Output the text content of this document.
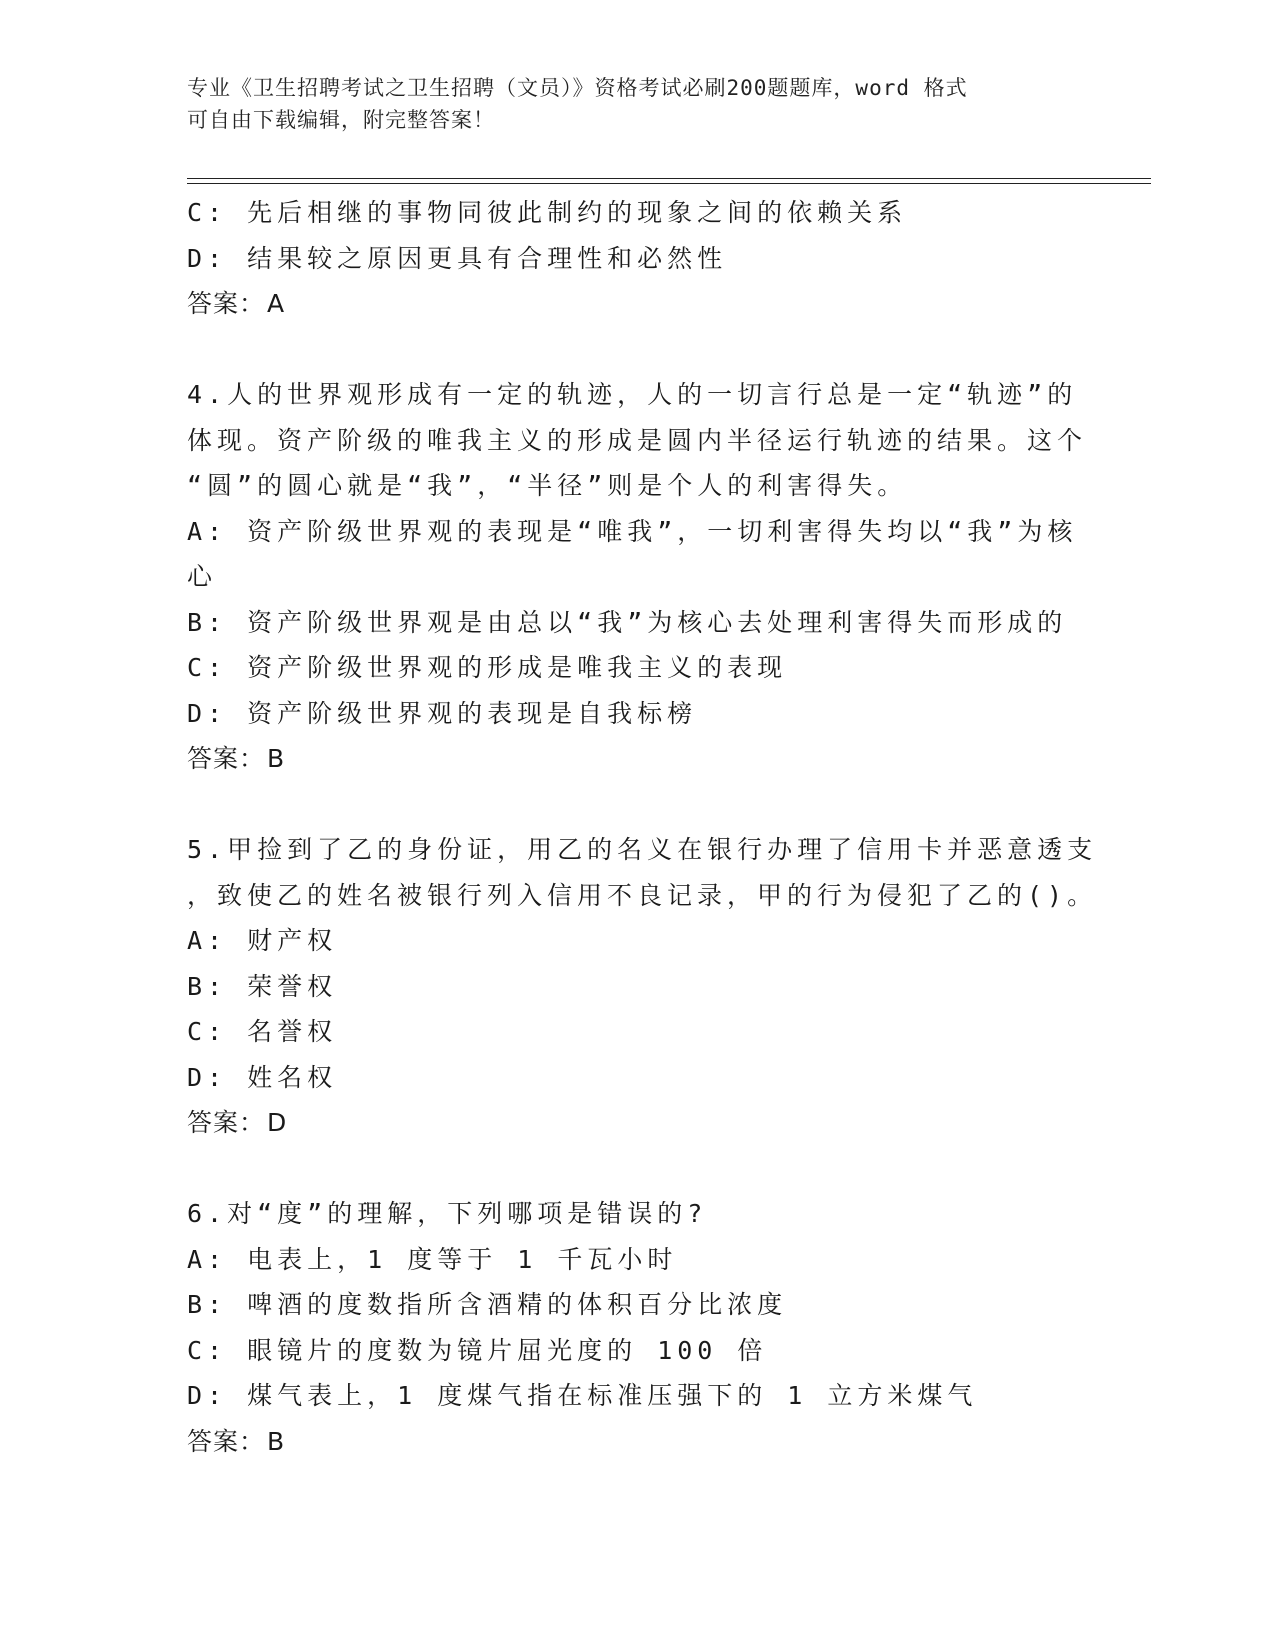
专业《卫生招聘考试之卫生招聘（文员）》资格考试必刷200题题库，word 格式
可自由下载编辑，附完整答案！
C: 先后相继的事物同彼此制约的现象之间的依赖关系
D: 结果较之原因更具有合理性和必然性
答案：A
4.人的世界观形成有一定的轨迹，人的一切言行总是一定“轨迹”的
体现。资产阶级的唯我主义的形成是圆内半径运行轨迹的结果。这个
“圆”的圆心就是“我”，“半径”则是个人的利害得失。
A: 资产阶级世界观的表现是“唯我”，一切利害得失均以“我”为核
心
B: 资产阶级世界观是由总以“我”为核心去处理利害得失而形成的
C: 资产阶级世界观的形成是唯我主义的表现
D: 资产阶级世界观的表现是自我标榜
答案：B
5.甲捡到了乙的身份证，用乙的名义在银行办理了信用卡并恶意透支
，致使乙的姓名被银行列入信用不良记录，甲的行为侵犯了乙的()。
A: 财产权
B: 荣誉权
C: 名誉权
D: 姓名权
答案：D
6.对“度”的理解，下列哪项是错误的?
A: 电表上，1 度等于 1 千瓦小时
B: 啤酒的度数指所含酒精的体积百分比浓度
C: 眼镜片的度数为镜片屈光度的 100 倍
D: 煤气表上，1 度煤气指在标准压强下的 1 立方米煤气
答案：B
